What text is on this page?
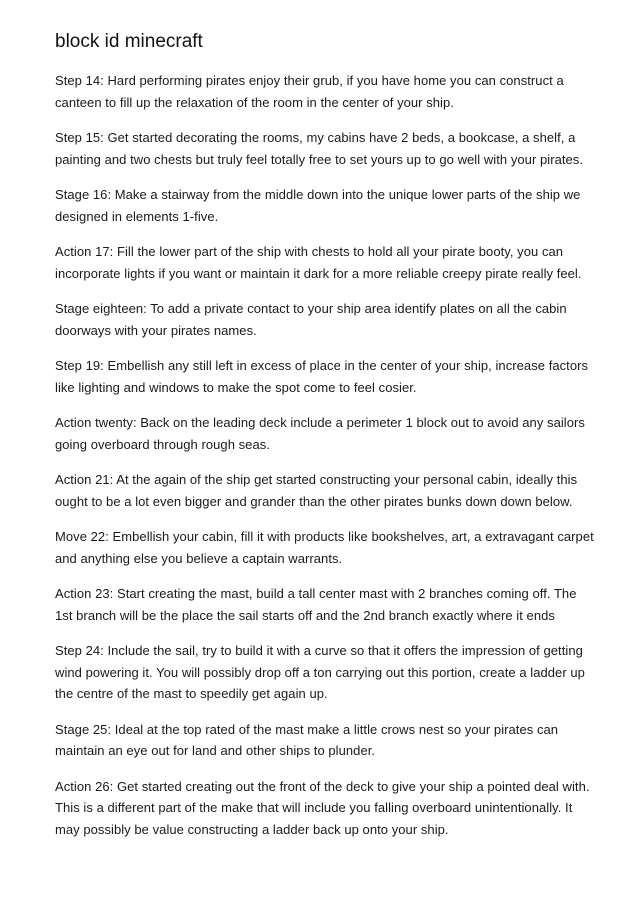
block id minecraft

Step 14: Hard performing pirates enjoy their grub, if you have home you can construct a canteen to fill up the relaxation of the room in the center of your ship.

Step 15: Get started decorating the rooms, my cabins have 2 beds, a bookcase, a shelf, a painting and two chests but truly feel totally free to set yours up to go well with your pirates.

Stage 16: Make a stairway from the middle down into the unique lower parts of the ship we designed in elements 1-five.

Action 17: Fill the lower part of the ship with chests to hold all your pirate booty, you can incorporate lights if you want or maintain it dark for a more reliable creepy pirate really feel.

Stage eighteen: To add a private contact to your ship area identify plates on all the cabin doorways with your pirates names.

Step 19: Embellish any still left in excess of place in the center of your ship, increase factors like lighting and windows to make the spot come to feel cosier.

Action twenty: Back on the leading deck include a perimeter 1 block out to avoid any sailors going overboard through rough seas.

Action 21: At the again of the ship get started constructing your personal cabin, ideally this ought to be a lot even bigger and grander than the other pirates bunks down down below.

Move 22: Embellish your cabin, fill it with products like bookshelves, art, a extravagant carpet and anything else you believe a captain warrants.

Action 23: Start creating the mast, build a tall center mast with 2 branches coming off. The 1st branch will be the place the sail starts off and the 2nd branch exactly where it ends

Step 24: Include the sail, try to build it with a curve so that it offers the impression of getting wind powering it. You will possibly drop off a ton carrying out this portion, create a ladder up the centre of the mast to speedily get again up.

Stage 25: Ideal at the top rated of the mast make a little crows nest so your pirates can maintain an eye out for land and other ships to plunder.

Action 26: Get started creating out the front of the deck to give your ship a pointed deal with. This is a different part of the make that will include you falling overboard unintentionally. It may possibly be value constructing a ladder back up onto your ship.
